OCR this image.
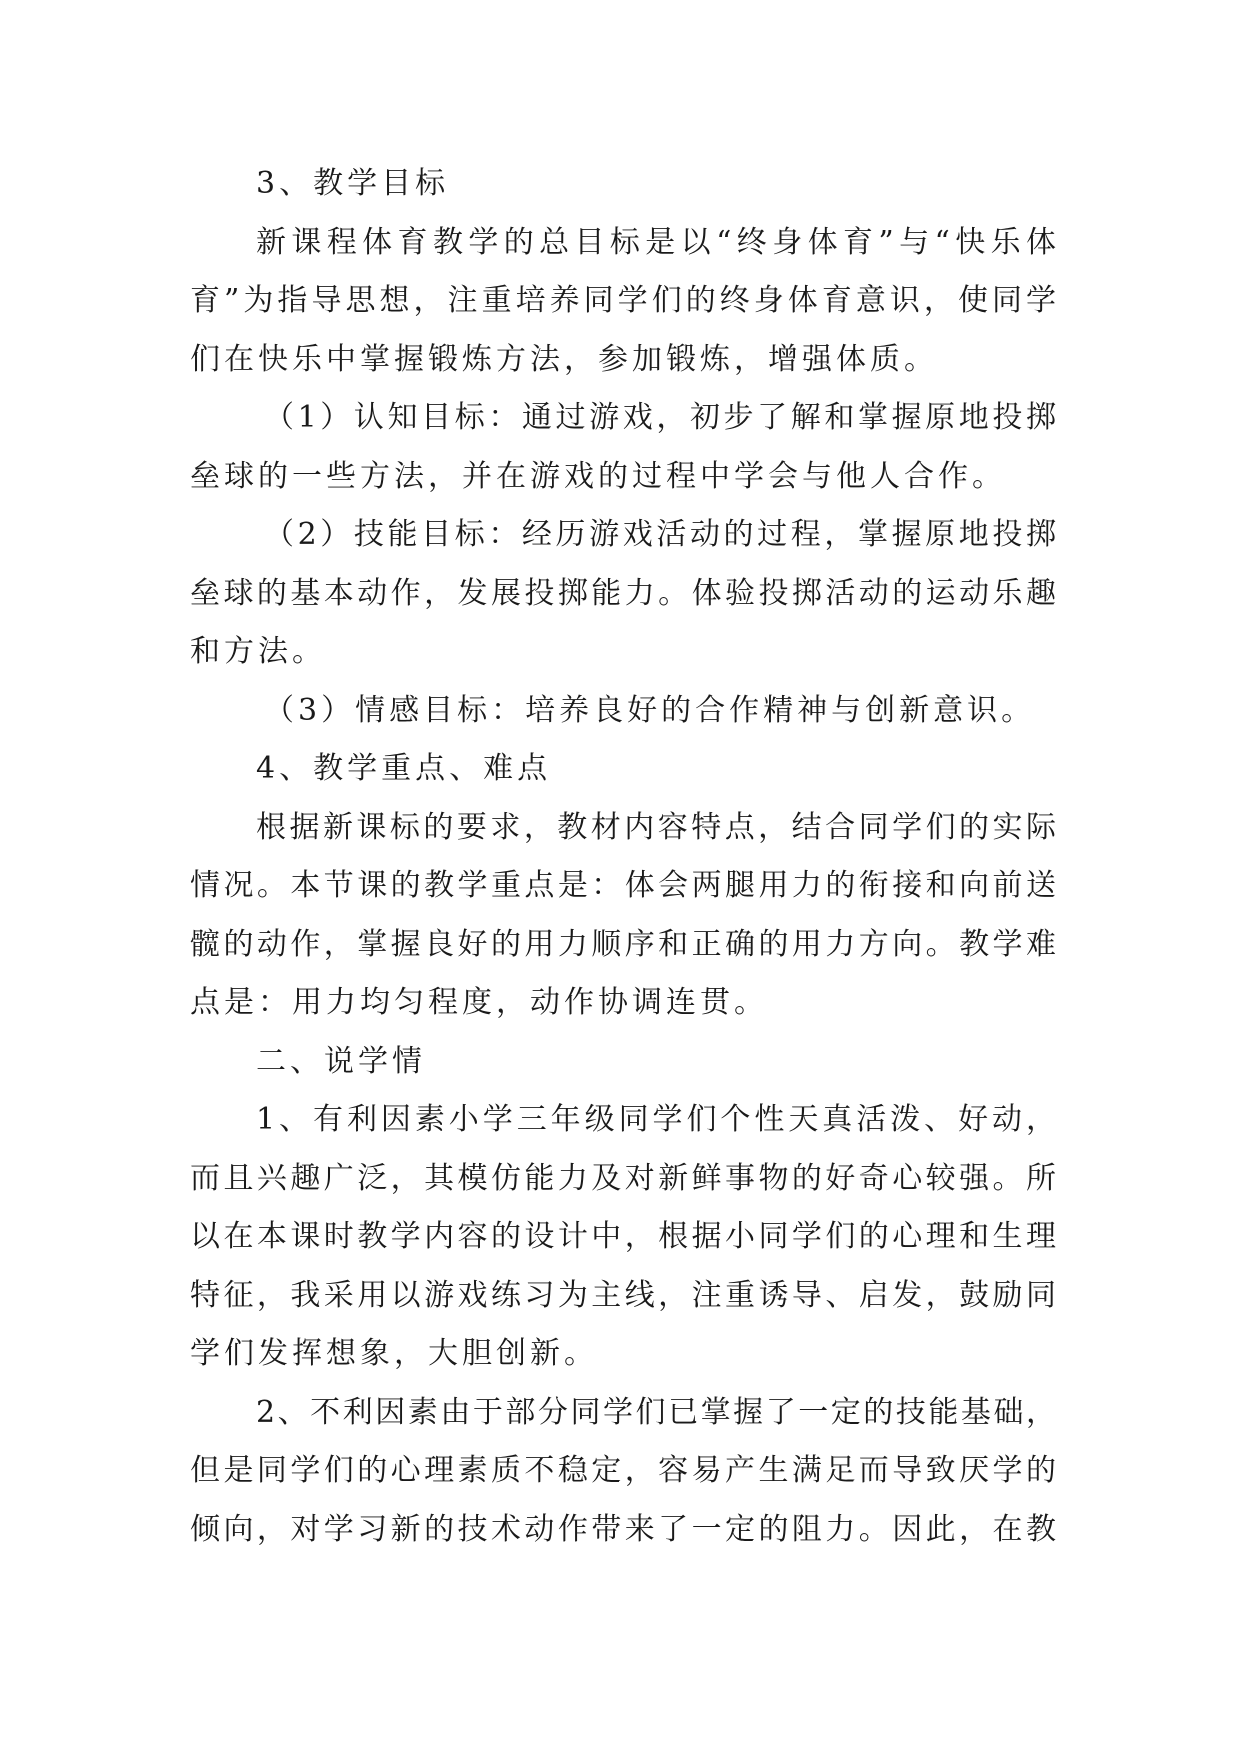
3、教学目标
新课程体育教学的总目标是以“终身体育”与“快乐体
育”为指导思想，注重培养同学们的终身体育意识，使同学
们在快乐中掌握锻炼方法，参加锻炼，增强体质。
（1）认知目标：通过游戏，初步了解和掌握原地投掷
垒球的一些方法，并在游戏的过程中学会与他人合作。
（2）技能目标：经历游戏活动的过程，掌握原地投掷
垒球的基本动作，发展投掷能力。体验投掷活动的运动乐趣
和方法。
（3）情感目标：培养良好的合作精神与创新意识。
4、教学重点、难点
根据新课标的要求，教材内容特点，结合同学们的实际
情况。本节课的教学重点是：体会两腿用力的衔接和向前送
髋的动作，掌握良好的用力顺序和正确的用力方向。教学难
点是：用力均匀程度，动作协调连贯。
二、说学情
1、有利因素小学三年级同学们个性天真活泼、好动，
而且兴趣广泛，其模仿能力及对新鲜事物的好奇心较强。所
以在本课时教学内容的设计中，根据小同学们的心理和生理
特征，我采用以游戏练习为主线，注重诱导、启发，鼓励同
学们发挥想象，大胆创新。
2、不利因素由于部分同学们已掌握了一定的技能基础，
但是同学们的心理素质不稳定，容易产生满足而导致厌学的
倾向，对学习新的技术动作带来了一定的阻力。因此，在教
